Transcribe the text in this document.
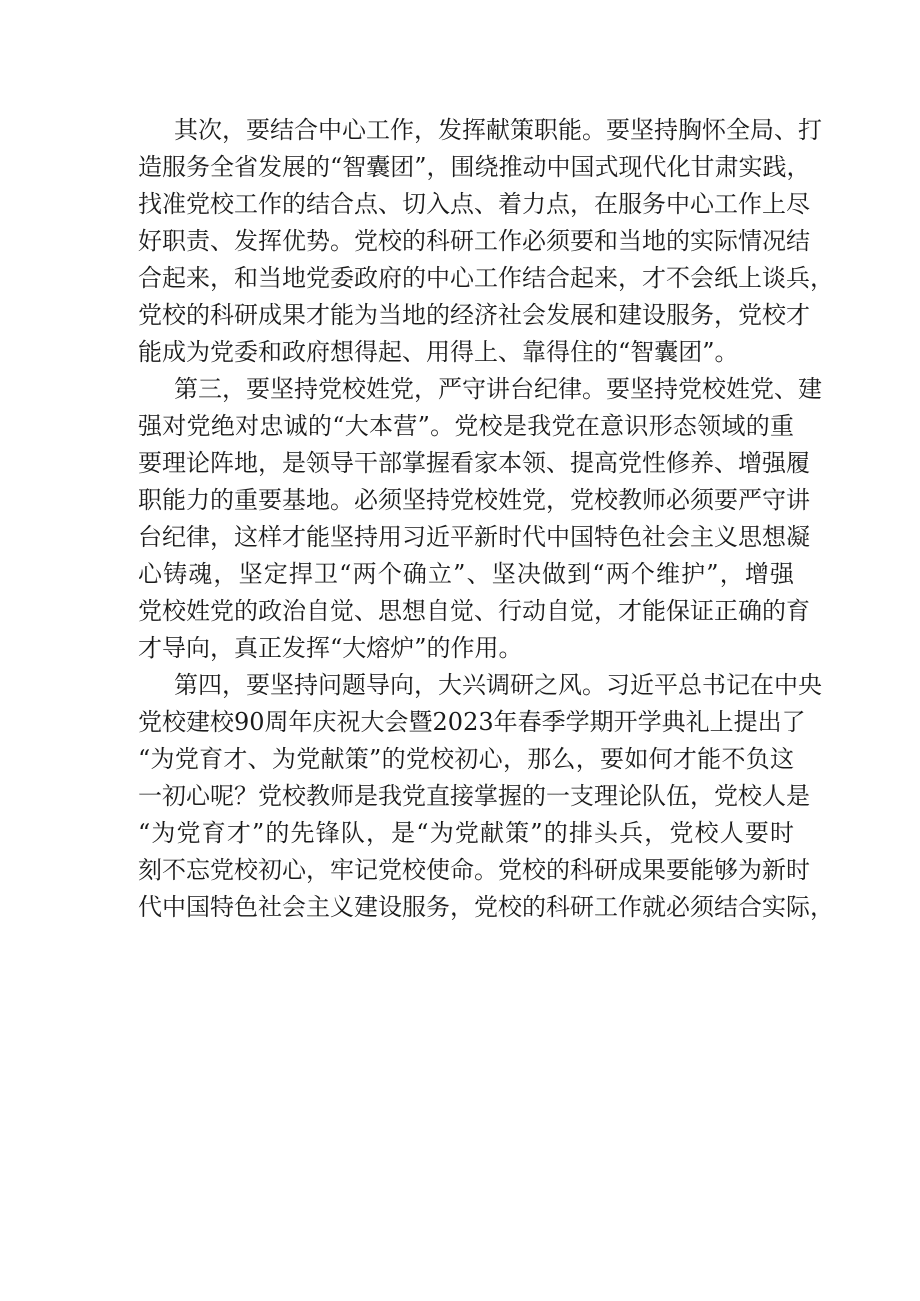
其次，要结合中心工作，发挥献策职能。要坚持胸怀全局、打
造服务全省发展的“智囊团”，围绕推动中国式现代化甘肃实践，
找准党校工作的结合点、切入点、着力点，在服务中心工作上尽
好职责、发挥优势。党校的科研工作必须要和当地的实际情况结
合起来，和当地党委政府的中心工作结合起来，才不会纸上谈兵，
党校的科研成果才能为当地的经济社会发展和建设服务，党校才
能成为党委和政府想得起、用得上、靠得住的“智囊团”。
第三，要坚持党校姓党，严守讲台纪律。要坚持党校姓党、建
强对党绝对忠诚的“大本营”。党校是我党在意识形态领域的重
要理论阵地，是领导干部掌握看家本领、提高党性修养、增强履
职能力的重要基地。必须坚持党校姓党，党校教师必须要严守讲
台纪律，这样才能坚持用习近平新时代中国特色社会主义思想凝
心铸魂，坚定捍卫“两个确立”、坚决做到“两个维护”，增强
党校姓党的政治自觉、思想自觉、行动自觉，才能保证正确的育
才导向，真正发挥“大熔炉”的作用。
第四，要坚持问题导向，大兴调研之风。习近平总书记在中央
党校建校90周年庆祝大会暨2023年春季学期开学典礼上提出了
“为党育才、为党献策”的党校初心，那么，要如何才能不负这
一初心呢？党校教师是我党直接掌握的一支理论队伍，党校人是
“为党育才”的先锋队，是“为党献策”的排头兵，党校人要时
刻不忘党校初心，牢记党校使命。党校的科研成果要能够为新时
代中国特色社会主义建设服务，党校的科研工作就必须结合实际，
